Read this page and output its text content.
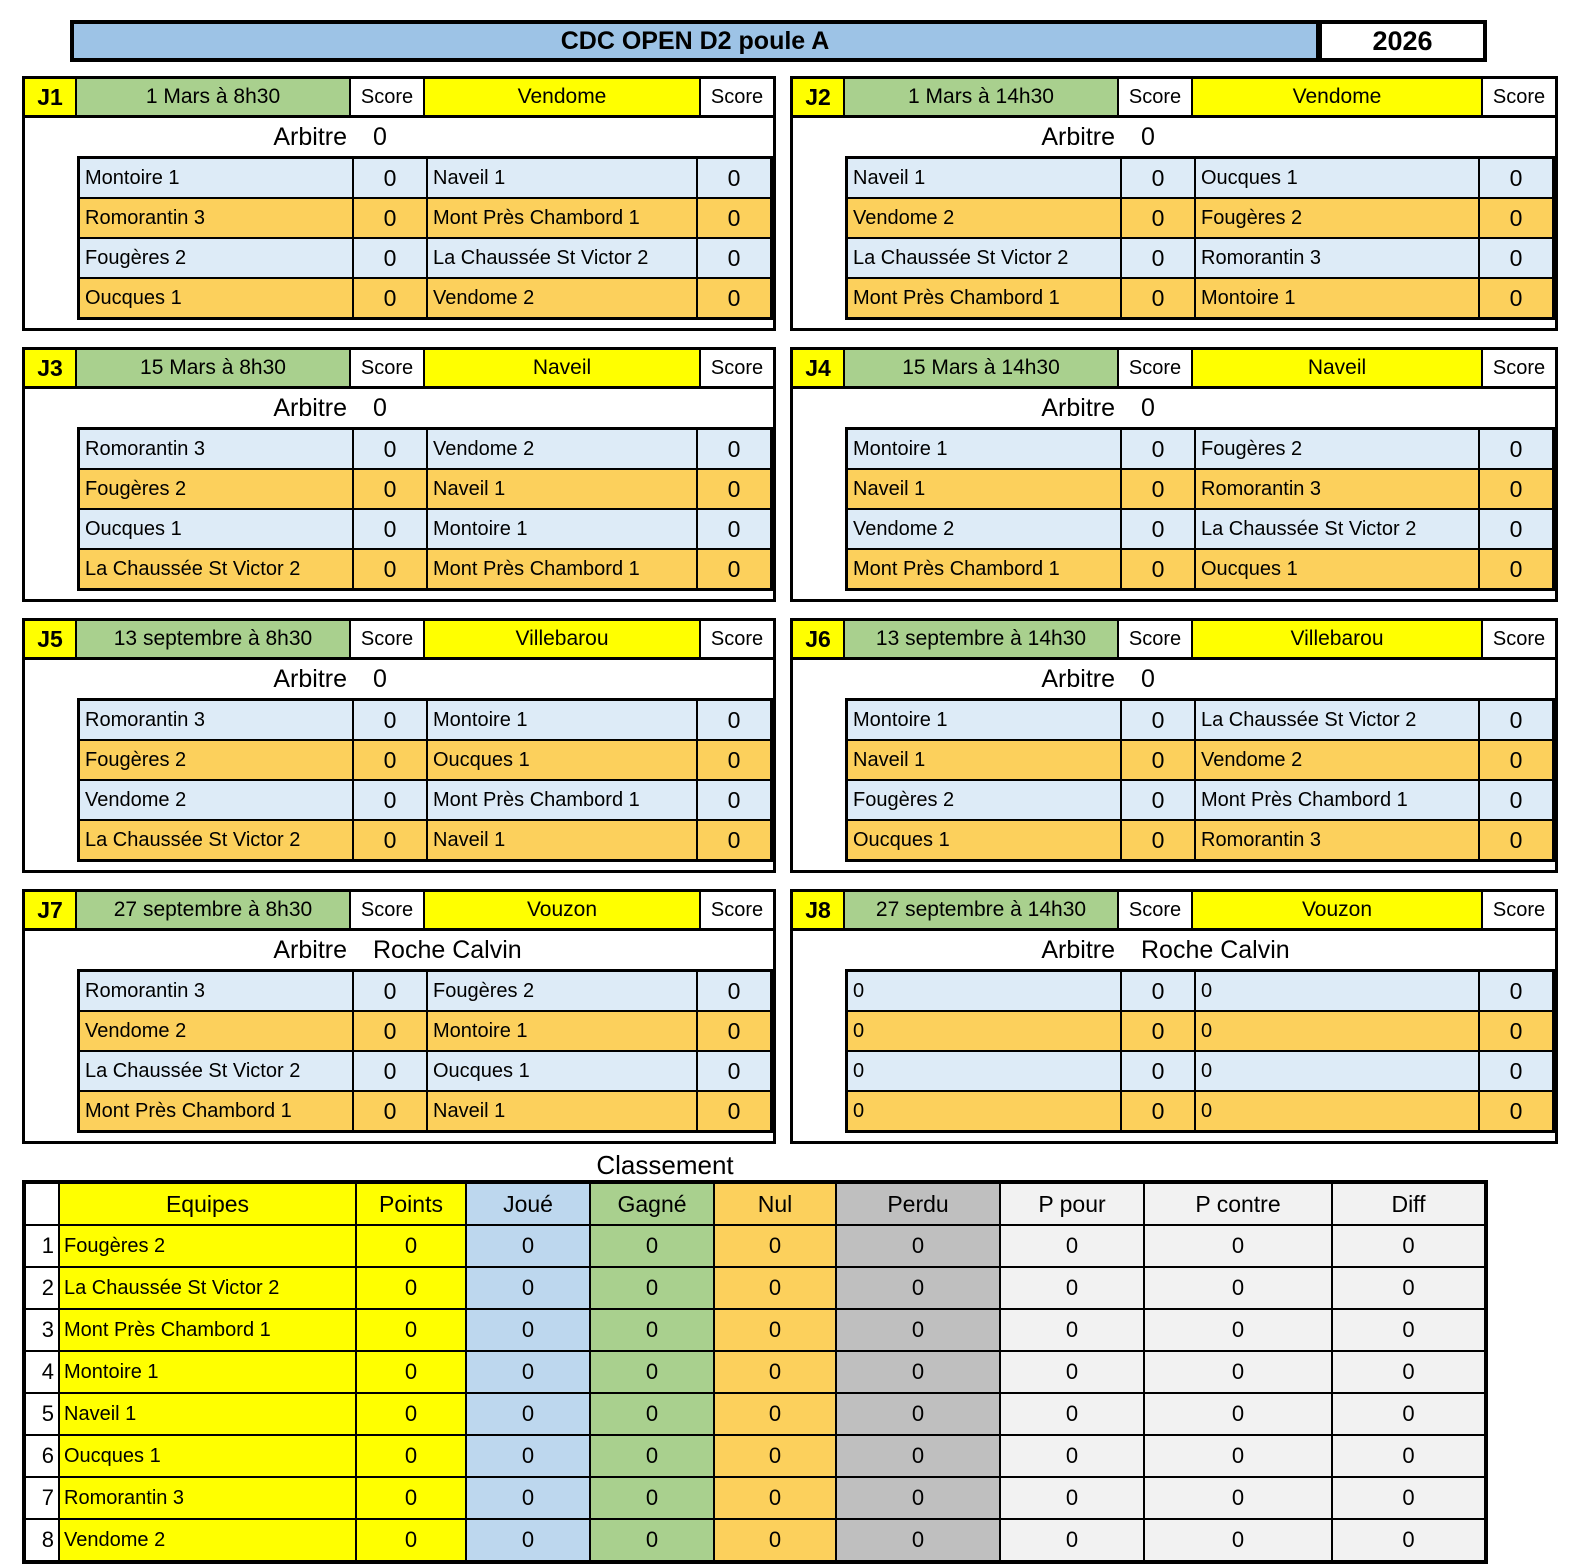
CDC OPEN D2 poule A	2026
J1	1 Mars à 8h30	Score	Vendome	Score
Arbitre 0
Montoire 1	0	Naveil 1	0
Romorantin 3	0	Mont Près Chambord 1	0
Fougères 2	0	La Chaussée St Victor 2	0
Oucques 1	0	Vendome 2	0
J2	1 Mars à 14h30	Score	Vendome	Score
Arbitre 0
Naveil 1	0	Oucques 1	0
Vendome 2	0	Fougères 2	0
La Chaussée St Victor 2	0	Romorantin 3	0
Mont Près Chambord 1	0	Montoire 1	0
J3	15 Mars à 8h30	Score	Naveil	Score
Arbitre 0
Romorantin 3	0	Vendome 2	0
Fougères 2	0	Naveil 1	0
Oucques 1	0	Montoire 1	0
La Chaussée St Victor 2	0	Mont Près Chambord 1	0
J4	15 Mars à 14h30	Score	Naveil	Score
Arbitre 0
Montoire 1	0	Fougères 2	0
Naveil 1	0	Romorantin 3	0
Vendome 2	0	La Chaussée St Victor 2	0
Mont Près Chambord 1	0	Oucques 1	0
J5	13 septembre à 8h30	Score	Villebarou	Score
Arbitre 0
Romorantin 3	0	Montoire 1	0
Fougères 2	0	Oucques 1	0
Vendome 2	0	Mont Près Chambord 1	0
La Chaussée St Victor 2	0	Naveil 1	0
J6	13 septembre à 14h30	Score	Villebarou	Score
Arbitre 0
Montoire 1	0	La Chaussée St Victor 2	0
Naveil 1	0	Vendome 2	0
Fougères 2	0	Mont Près Chambord 1	0
Oucques 1	0	Romorantin 3	0
J7	27 septembre à 8h30	Score	Vouzon	Score
Arbitre Roche Calvin
Romorantin 3	0	Fougères 2	0
Vendome 2	0	Montoire 1	0
La Chaussée St Victor 2	0	Oucques 1	0
Mont Près Chambord 1	0	Naveil 1	0
J8	27 septembre à 14h30	Score	Vouzon	Score
Arbitre Roche Calvin
0	0	0	0
0	0	0	0
0	0	0	0
0	0	0	0
Classement
Equipes	Points	Joué	Gagné	Nul	Perdu	P pour	P contre	Diff
1 Fougères 2	0	0	0	0	0	0	0	0
2 La Chaussée St Victor 2	0	0	0	0	0	0	0	0
3 Mont Près Chambord 1	0	0	0	0	0	0	0	0
4 Montoire 1	0	0	0	0	0	0	0	0
5 Naveil 1	0	0	0	0	0	0	0	0
6 Oucques 1	0	0	0	0	0	0	0	0
7 Romorantin 3	0	0	0	0	0	0	0	0
8 Vendome 2	0	0	0	0	0	0	0	0
